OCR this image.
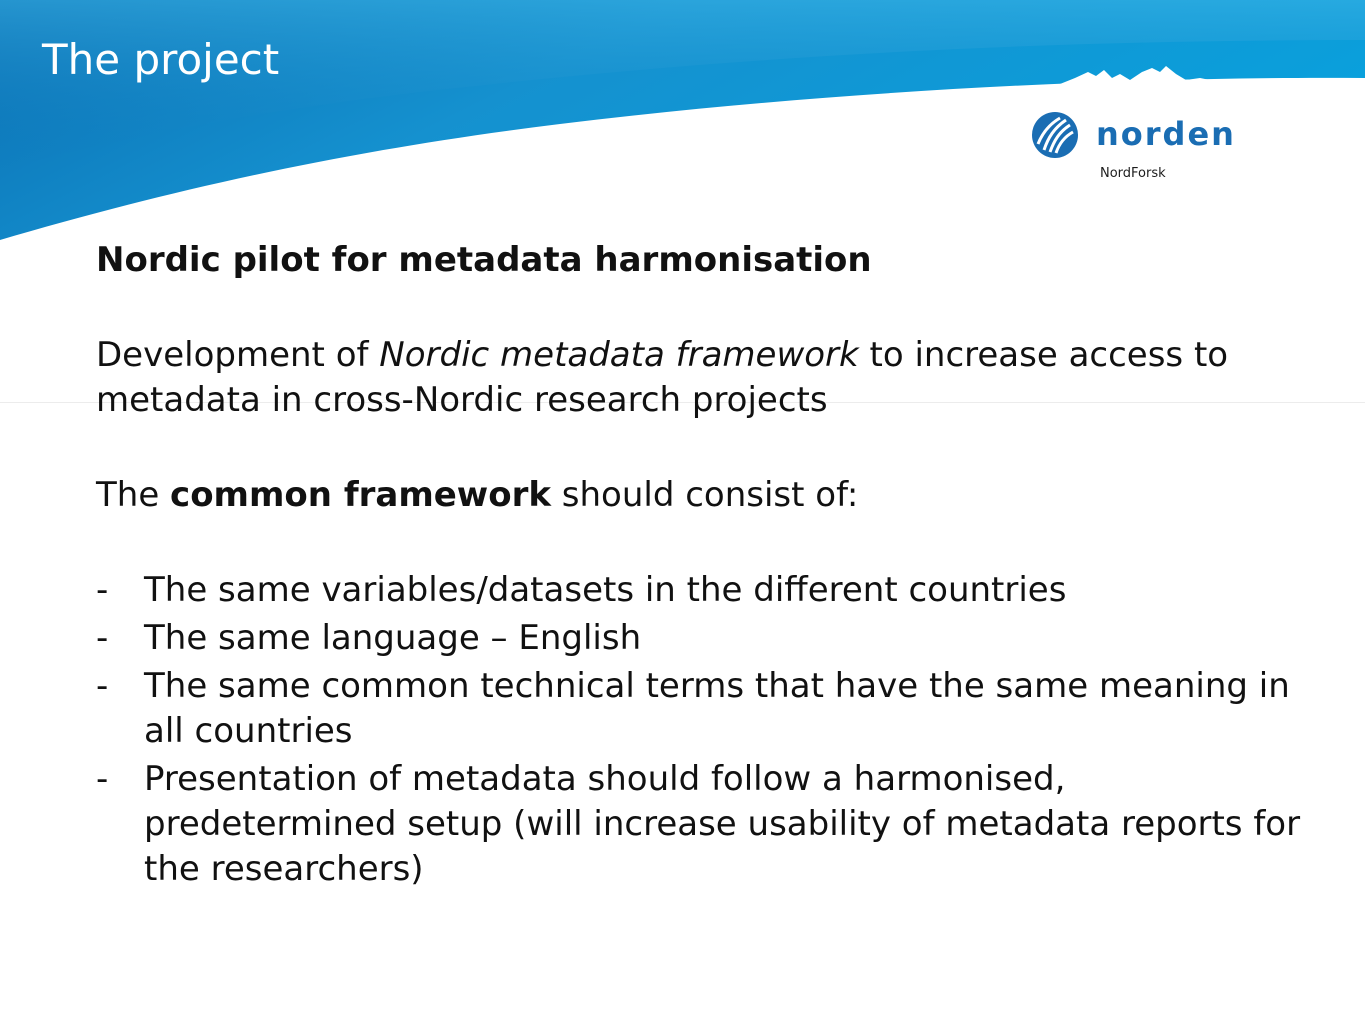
The project
norden
NordForsk

Nordic pilot for metadata harmonisation

Development of Nordic metadata framework to increase access to metadata in cross-Nordic research projects

The common framework should consist of:

- The same variables/datasets in the different countries
- The same language – English
- The same common technical terms that have the same meaning in all countries
- Presentation of metadata should follow a harmonised, predetermined setup (will increase usability of metadata reports for the researchers)
